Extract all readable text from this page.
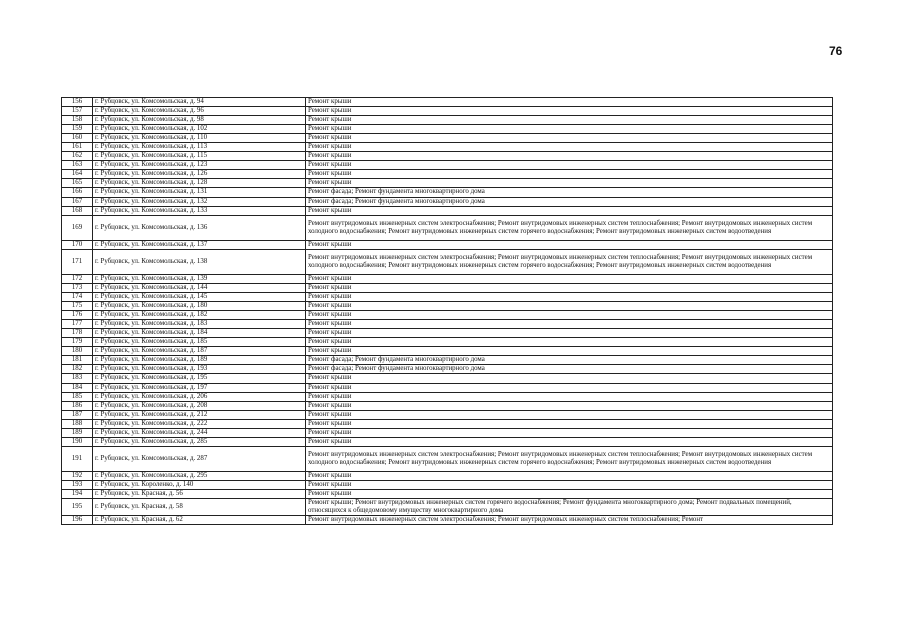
76
156	г. Рубцовск, ул. Комсомольская, д. 94	Ремонт крыши
157	г. Рубцовск, ул. Комсомольская, д. 96	Ремонт крыши
158	г. Рубцовск, ул. Комсомольская, д. 98	Ремонт крыши
159	г. Рубцовск, ул. Комсомольская, д. 102	Ремонт крыши
160	г. Рубцовск, ул. Комсомольская, д. 110	Ремонт крыши
161	г. Рубцовск, ул. Комсомольская, д. 113	Ремонт крыши
162	г. Рубцовск, ул. Комсомольская, д. 115	Ремонт крыши
163	г. Рубцовск, ул. Комсомольская, д. 123	Ремонт крыши
164	г. Рубцовск, ул. Комсомольская, д. 126	Ремонт крыши
165	г. Рубцовск, ул. Комсомольская, д. 128	Ремонт крыши
166	г. Рубцовск, ул. Комсомольская, д. 131	Ремонт фасада; Ремонт фундамента многоквартирного дома
167	г. Рубцовск, ул. Комсомольская, д. 132	Ремонт фасада; Ремонт фундамента многоквартирного дома
168	г. Рубцовск, ул. Комсомольская, д. 133	Ремонт крыши
169	г. Рубцовск, ул. Комсомольская, д. 136	Ремонт внутридомовых инженерных систем электроснабжения; Ремонт внутридомовых инженерных систем теплоснабжения; Ремонт внутридомовых инженерных систем холодного водоснабжения; Ремонт внутридомовых инженерных систем горячего водоснабжения; Ремонт внутридомовых инженерных систем водоотведения
170	г. Рубцовск, ул. Комсомольская, д. 137	Ремонт крыши
171	г. Рубцовск, ул. Комсомольская, д. 138	Ремонт внутридомовых инженерных систем электроснабжения; Ремонт внутридомовых инженерных систем теплоснабжения; Ремонт внутридомовых инженерных систем холодного водоснабжения; Ремонт внутридомовых инженерных систем горячего водоснабжения; Ремонт внутридомовых инженерных систем водоотведения
172	г. Рубцовск, ул. Комсомольская, д. 139	Ремонт крыши
173	г. Рубцовск, ул. Комсомольская, д. 144	Ремонт крыши
174	г. Рубцовск, ул. Комсомольская, д. 145	Ремонт крыши
175	г. Рубцовск, ул. Комсомольская, д. 180	Ремонт крыши
176	г. Рубцовск, ул. Комсомольская, д. 182	Ремонт крыши
177	г. Рубцовск, ул. Комсомольская, д. 183	Ремонт крыши
178	г. Рубцовск, ул. Комсомольская, д. 184	Ремонт крыши
179	г. Рубцовск, ул. Комсомольская, д. 185	Ремонт крыши
180	г. Рубцовск, ул. Комсомольская, д. 187	Ремонт крыши
181	г. Рубцовск, ул. Комсомольская, д. 189	Ремонт фасада; Ремонт фундамента многоквартирного дома
182	г. Рубцовск, ул. Комсомольская, д. 193	Ремонт фасада; Ремонт фундамента многоквартирного дома
183	г. Рубцовск, ул. Комсомольская, д. 195	Ремонт крыши
184	г. Рубцовск, ул. Комсомольская, д. 197	Ремонт крыши
185	г. Рубцовск, ул. Комсомольская, д. 206	Ремонт крыши
186	г. Рубцовск, ул. Комсомольская, д. 208	Ремонт крыши
187	г. Рубцовск, ул. Комсомольская, д. 212	Ремонт крыши
188	г. Рубцовск, ул. Комсомольская, д. 222	Ремонт крыши
189	г. Рубцовск, ул. Комсомольская, д. 244	Ремонт крыши
190	г. Рубцовск, ул. Комсомольская, д. 285	Ремонт крыши
191	г. Рубцовск, ул. Комсомольская, д. 287	Ремонт внутридомовых инженерных систем электроснабжения; Ремонт внутридомовых инженерных систем теплоснабжения; Ремонт внутридомовых инженерных систем холодного водоснабжения; Ремонт внутридомовых инженерных систем горячего водоснабжения; Ремонт внутридомовых инженерных систем водоотведения
192	г. Рубцовск, ул. Комсомольская, д. 295	Ремонт крыши
193	г. Рубцовск, ул. Короленко, д. 140	Ремонт крыши
194	г. Рубцовск, ул. Красная, д. 56	Ремонт крыши
195	г. Рубцовск, ул. Красная, д. 58	Ремонт крыши; Ремонт внутридомовых инженерных систем горячего водоснабжения; Ремонт фундамента многоквартирного дома; Ремонт подвальных помещений, относящихся к общедомовому имуществу многоквартирного дома
196	г. Рубцовск, ул. Красная, д. 62	Ремонт внутридомовых инженерных систем электроснабжения; Ремонт внутридомовых инженерных систем теплоснабжения; Ремонт
